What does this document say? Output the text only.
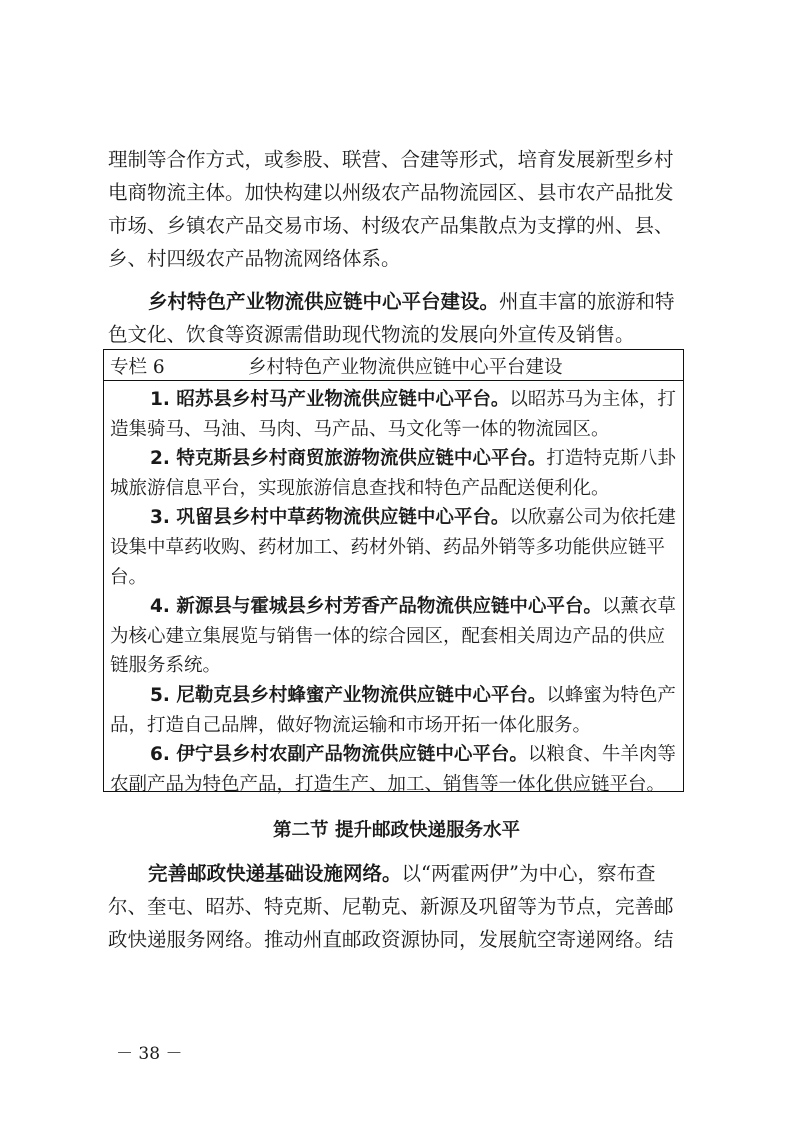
理制等合作方式，或参股、联营、合建等形式，培育发展新型乡村
电商物流主体。加快构建以州级农产品物流园区、县市农产品批发
市场、乡镇农产品交易市场、村级农产品集散点为支撑的州、县、
乡、村四级农产品物流网络体系。
乡村特色产业物流供应链中心平台建设。州直丰富的旅游和特
色文化、饮食等资源需借助现代物流的发展向外宣传及销售。
专栏 6	乡村特色产业物流供应链中心平台建设
1. 昭苏县乡村马产业物流供应链中心平台。以昭苏马为主体，打
造集骑马、马油、马肉、马产品、马文化等一体的物流园区。
2. 特克斯县乡村商贸旅游物流供应链中心平台。打造特克斯八卦
城旅游信息平台，实现旅游信息查找和特色产品配送便利化。
3. 巩留县乡村中草药物流供应链中心平台。以欣嘉公司为依托建
设集中草药收购、药材加工、药材外销、药品外销等多功能供应链平
台。
4. 新源县与霍城县乡村芳香产品物流供应链中心平台。以薰衣草
为核心建立集展览与销售一体的综合园区，配套相关周边产品的供应
链服务系统。
5. 尼勒克县乡村蜂蜜产业物流供应链中心平台。以蜂蜜为特色产
品，打造自己品牌，做好物流运输和市场开拓一体化服务。
6. 伊宁县乡村农副产品物流供应链中心平台。以粮食、牛羊肉等
农副产品为特色产品，打造生产、加工、销售等一体化供应链平台。
第二节 提升邮政快递服务水平
完善邮政快递基础设施网络。以“两霍两伊”为中心，察布查
尔、奎屯、昭苏、特克斯、尼勒克、新源及巩留等为节点，完善邮
政快递服务网络。推动州直邮政资源协同，发展航空寄递网络。结
－ 38 －
